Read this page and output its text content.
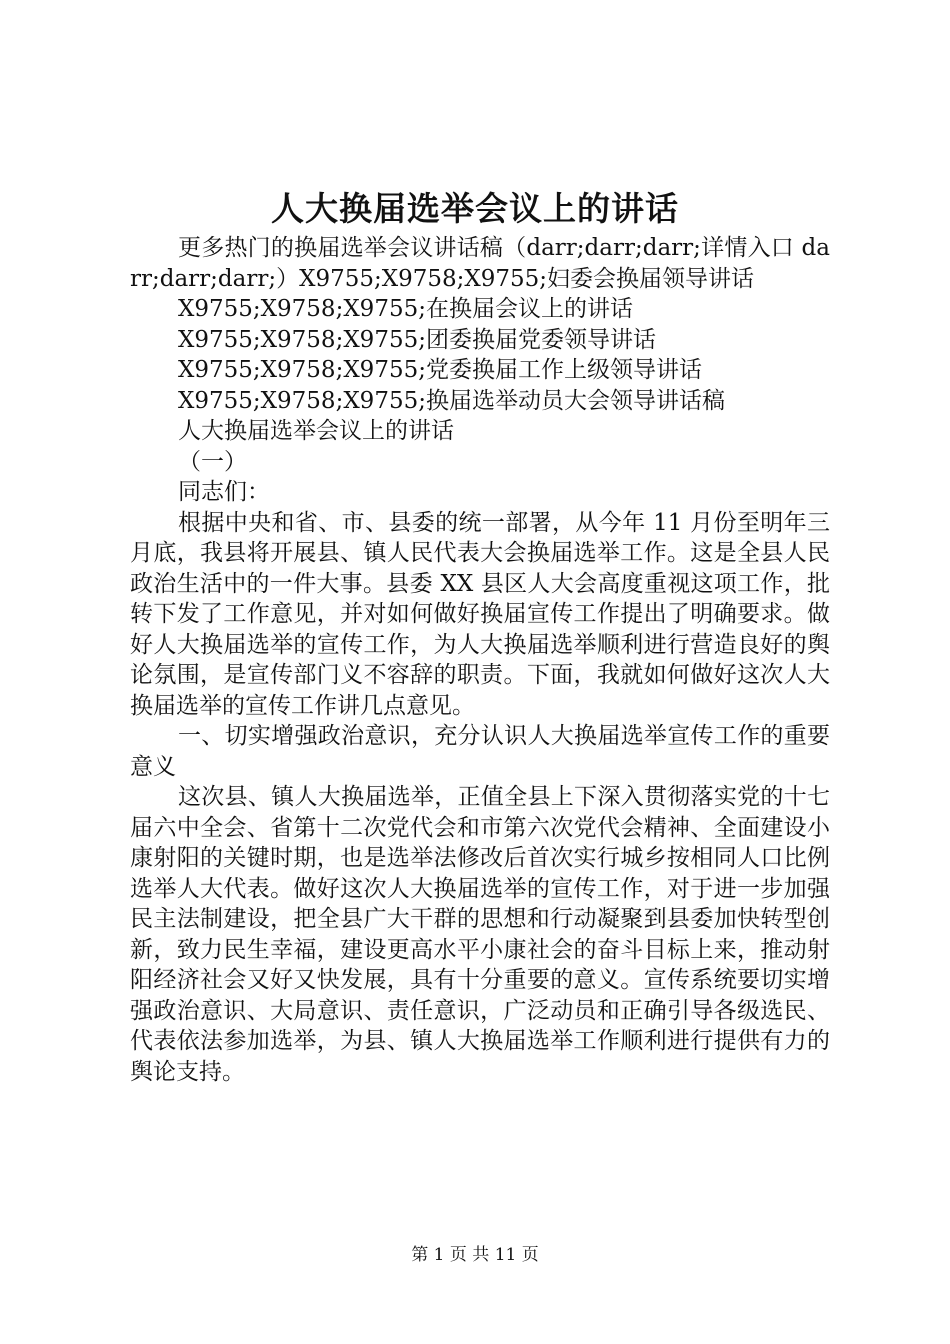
人大换届选举会议上的讲话

更多热门的换届选举会议讲话稿（darr;darr;darr;详情入口 darr;darr;darr;）X9755;X9758;X9755;妇委会换届领导讲话

X9755;X9758;X9755;在换届会议上的讲话

X9755;X9758;X9755;团委换届党委领导讲话

X9755;X9758;X9755;党委换届工作上级领导讲话

X9755;X9758;X9755;换届选举动员大会领导讲话稿

人大换届选举会议上的讲话

（一）

同志们：

根据中央和省、市、县委的统一部署，从今年 11 月份至明年三月底，我县将开展县、镇人民代表大会换届选举工作。这是全县人民政治生活中的一件大事。县委 XX 县区人大会高度重视这项工作，批转下发了工作意见，并对如何做好换届宣传工作提出了明确要求。做好人大换届选举的宣传工作，为人大换届选举顺利进行营造良好的舆论氛围，是宣传部门义不容辞的职责。下面，我就如何做好这次人大换届选举的宣传工作讲几点意见。

一、切实增强政治意识，充分认识人大换届选举宣传工作的重要意义

这次县、镇人大换届选举，正值全县上下深入贯彻落实党的十七届六中全会、省第十二次党代会和市第六次党代会精神、全面建设小康射阳的关键时期，也是选举法修改后首次实行城乡按相同人口比例选举人大代表。做好这次人大换届选举的宣传工作，对于进一步加强民主法制建设，把全县广大干群的思想和行动凝聚到县委加快转型创新，致力民生幸福，建设更高水平小康社会的奋斗目标上来，推动射阳经济社会又好又快发展，具有十分重要的意义。宣传系统要切实增强政治意识、大局意识、责任意识，广泛动员和正确引导各级选民、代表依法参加选举，为县、镇人大换届选举工作顺利进行提供有力的舆论支持。

第 1 页 共 11 页
